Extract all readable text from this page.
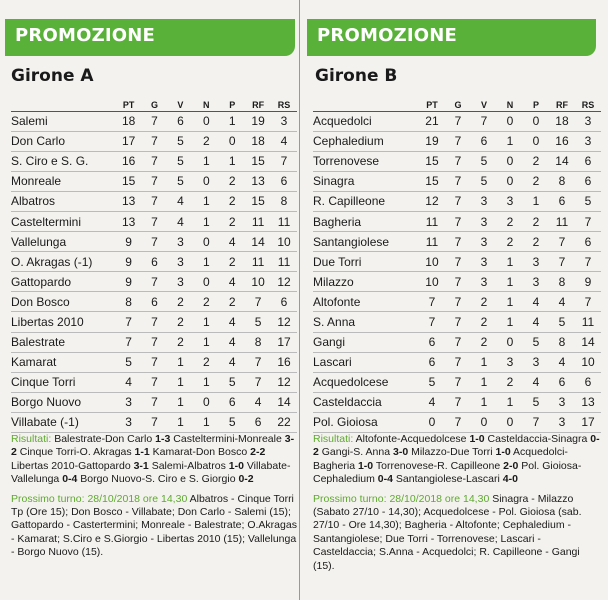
PROMOZIONE
Girone A
	PT	G	V	N	P	RF	RS
Salemi	18	7	6	0	1	19	3
Don Carlo	17	7	5	2	0	18	4
S. Ciro e S. G.	16	7	5	1	1	15	7
Monreale	15	7	5	0	2	13	6
Albatros	13	7	4	1	2	15	8
Casteltermini	13	7	4	1	2	11	11
Vallelunga	9	7	3	0	4	14	10
O. Akragas (-1)	9	6	3	1	2	11	11
Gattopardo	9	7	3	0	4	10	12
Don Bosco	8	6	2	2	2	7	6
Libertas 2010	7	7	2	1	4	5	12
Balestrate	7	7	2	1	4	8	17
Kamarat	5	7	1	2	4	7	16
Cinque Torri	4	7	1	1	5	7	12
Borgo Nuovo	3	7	1	0	6	4	14
Villabate (-1)	3	7	1	1	5	6	22
Risultati: Balestrate-Don Carlo 1-3 Casteltermini-Monreale 3-2 Cinque Torri-O. Akragas 1-1 Kamarat-Don Bosco 2-2 Libertas 2010-Gattopardo 3-1 Salemi-Albatros 1-0 Villabate-Vallelunga 0-4 Borgo Nuovo-S. Ciro e S. Giorgio 0-2
Prossimo turno: 28/10/2018 ore 14,30 Albatros - Cinque Torri Tp (Ore 15); Don Bosco - Villabate; Don Carlo - Salemi (15); Gattopardo - Castertermini; Monreale - Balestrate; O.Akragas - Kamarat; S.Ciro e S.Giorgio - Libertas 2010 (15); Vallelunga - Borgo Nuovo (15).
PROMOZIONE
Girone B
	PT	G	V	N	P	RF	RS
Acquedolci	21	7	7	0	0	18	3
Cephaledium	19	7	6	1	0	16	3
Torrenovese	15	7	5	0	2	14	6
Sinagra	15	7	5	0	2	8	6
R. Capilleone	12	7	3	3	1	6	5
Bagheria	11	7	3	2	2	11	7
Santangiolese	11	7	3	2	2	7	6
Due Torri	10	7	3	1	3	7	7
Milazzo	10	7	3	1	3	8	9
Altofonte	7	7	2	1	4	4	7
S. Anna	7	7	2	1	4	5	11
Gangi	6	7	2	0	5	8	14
Lascari	6	7	1	3	3	4	10
Acquedolcese	5	7	1	2	4	6	6
Casteldaccia	4	7	1	1	5	3	13
Pol. Gioiosa	0	7	0	0	7	3	17
Risultati: Altofonte-Acquedolcese 1-0 Casteldaccia-Sinagra 0-2 Gangi-S. Anna 3-0 Milazzo-Due Torri 1-0 Acquedolci-Bagheria 1-0 Torrenovese-R. Capilleone 2-0 Pol. Gioiosa-Cephaledium 0-4 Santangiolese-Lascari 4-0
Prossimo turno: 28/10/2018 ore 14,30 Sinagra - Milazzo (Sabato 27/10 - 14,30); Acquedolcese - Pol. Gioiosa (sab. 27/10 - Ore 14,30); Bagheria - Altofonte; Cephaledium - Santangiolese; Due Torri - Torrenovese; Lascari - Casteldaccia; S.Anna - Acquedolci; R. Capilleone - Gangi (15).
